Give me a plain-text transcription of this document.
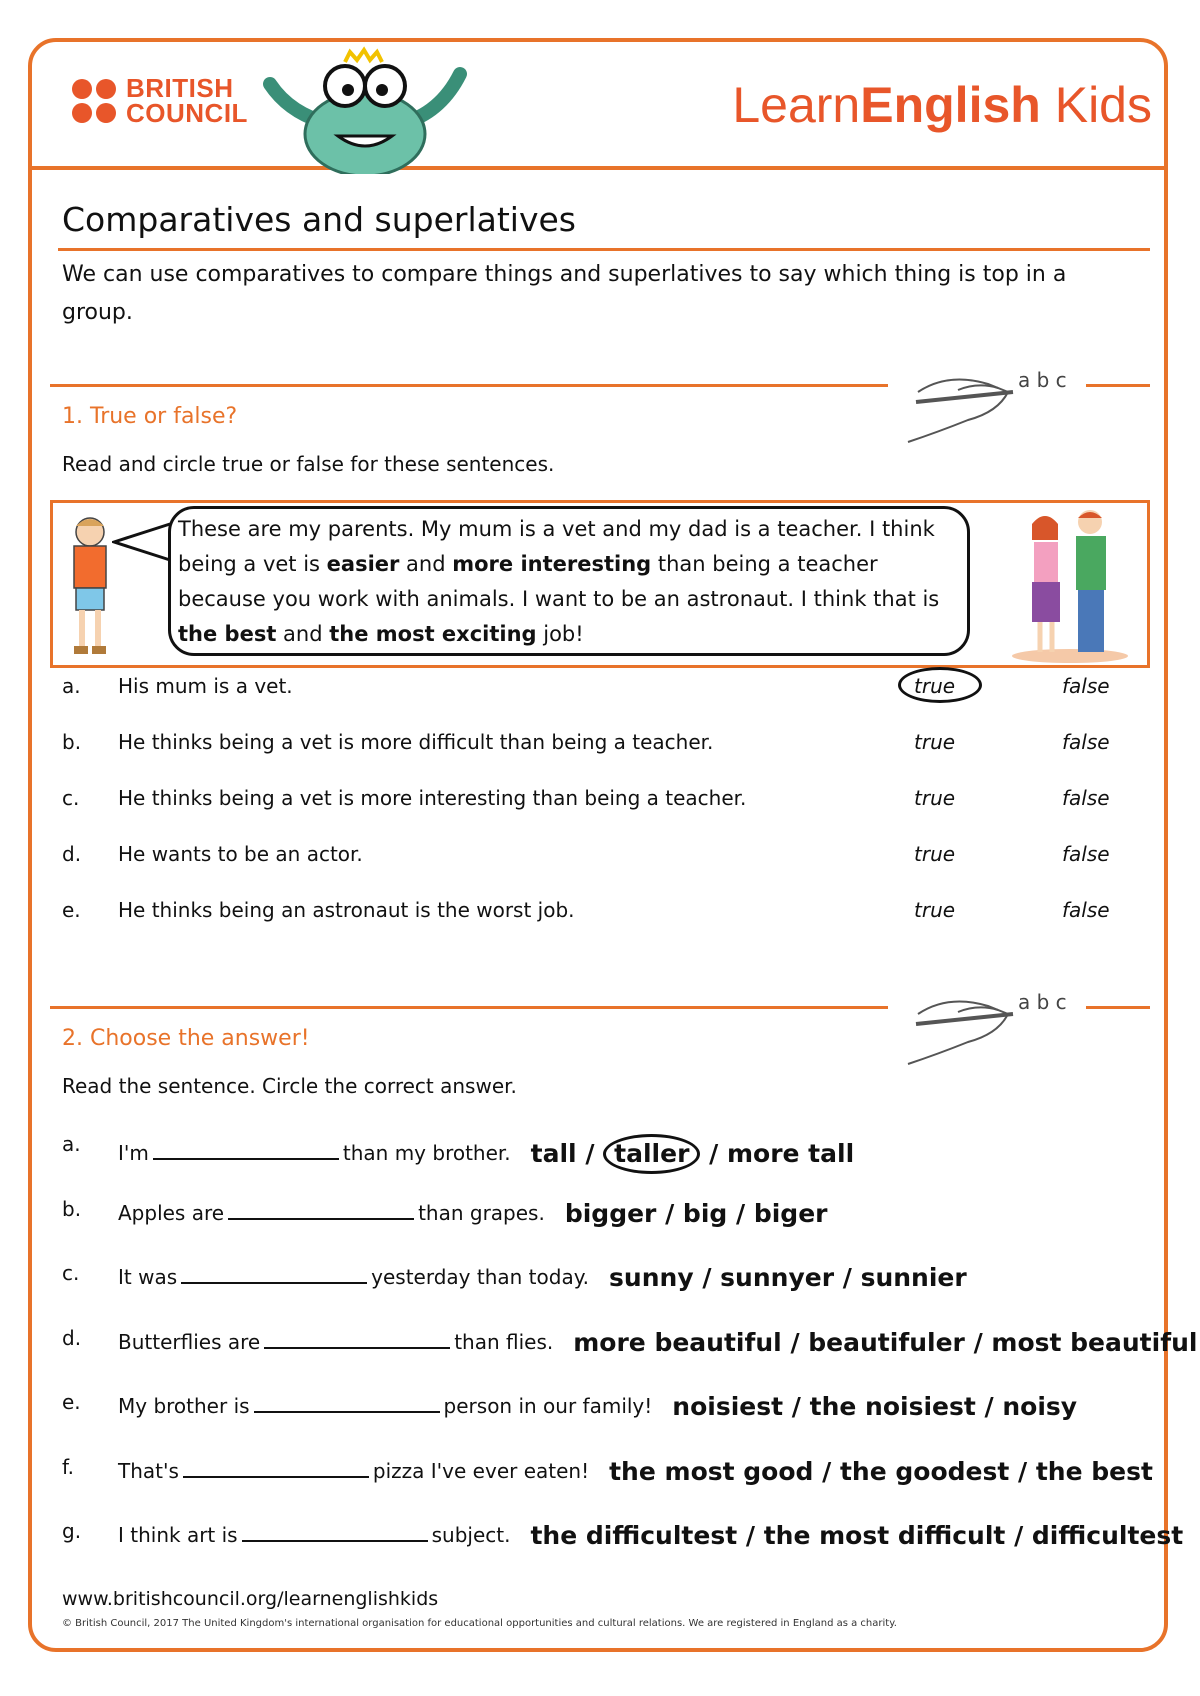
BRITISH
COUNCIL	LearnEnglish Kids
Comparatives and superlatives

We can use comparatives to compare things and superlatives to say which thing is top in a group.

a b c
1. True or false?

Read and circle true or false for these sentences.

These are my parents. My mum is a vet and my dad is a teacher. I think being a vet is easier and more interesting than being a teacher because you work with animals. I want to be an astronaut. I think that is the best and the most exciting job!

a. His mum is a vet.	true	false
b. He thinks being a vet is more difficult than being a teacher.	true	false
c. He thinks being a vet is more interesting than being a teacher.	true	false
d. He wants to be an actor.	true	false
e. He thinks being an astronaut is the worst job.	true	false
a b c
2. Choose the answer!

Read the sentence. Circle the correct answer.

a. I'm	than my brother. tall / taller / more tall
b. Apples are	than grapes. bigger / big / biger
c. It was	yesterday than today. sunny / sunnyer / sunnier
d. Butterflies are	than flies. more beautiful / beautifuler / most beautiful
e. My brother is	person in our family! noisiest / the noisiest / noisy
f. That's	pizza I've ever eaten! the most good / the goodest / the best
g. I think art is	subject. the difficultest / the most difficult / difficultest

www.britishcouncil.org/learnenglishkids

© British Council, 2017 The United Kingdom's international organisation for educational opportunities and cultural relations. We are registered in England as a charity.
